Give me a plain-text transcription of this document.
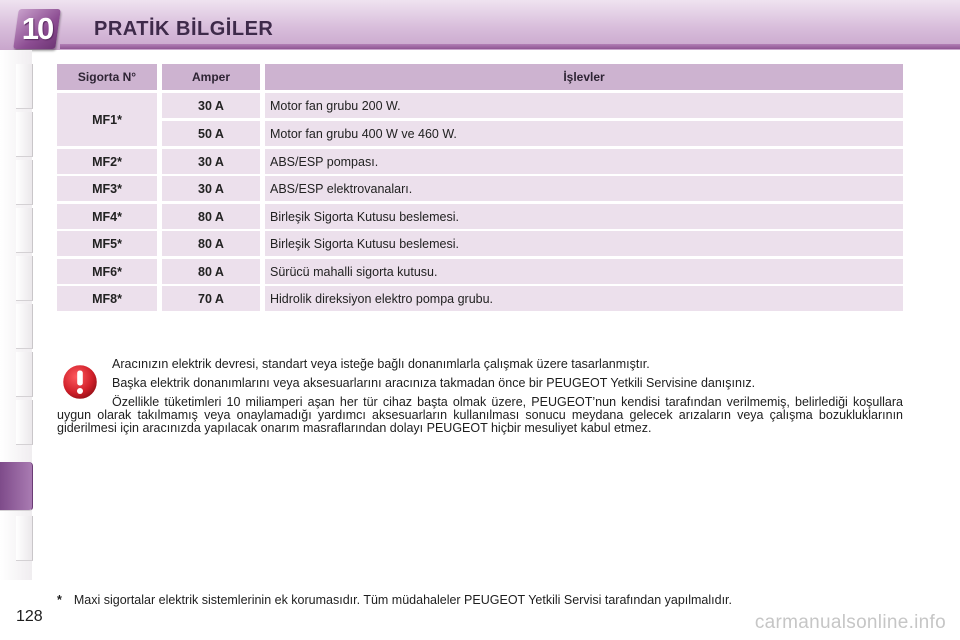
10 PRATİK BİLGİLER
Sigorta N°	Amper	İşlevler
MF1*
30 A	Motor fan grubu 200 W.
50 A	Motor fan grubu 400 W ve 460 W.
MF2*	30 A	ABS/ESP pompası.
MF3*	30 A	ABS/ESP elektrovanaları.
MF4*	80 A	Birleşik Sigorta Kutusu beslemesi.
MF5*	80 A	Birleşik Sigorta Kutusu beslemesi.
MF6*	80 A	Sürücü mahalli sigorta kutusu.
MF8*	70 A	Hidrolik direksiyon elektro pompa grubu.

Aracınızın elektrik devresi, standart veya isteğe bağlı donanımlarla çalışmak üzere tasarlanmıştır.

Başka elektrik donanımlarını veya aksesuarlarını aracınıza takmadan önce bir PEUGEOT Yetkili Servisine danışınız.

Özellikle tüketimleri 10 miliamperi aşan her tür cihaz başta olmak üzere, PEUGEOT’nun kendisi tarafından verilmemiş, belirlediği koşullara uygun olarak takılmamış veya onaylamadığı yardımcı aksesuarların kullanılması sonucu meydana gelecek arızaların veya çalışma bozukluklarının giderilmesi için aracınızda yapılacak onarım masraflarından dolayı PEUGEOT hiçbir mesuliyet kabul etmez.

* Maxi sigortalar elektrik sistemlerinin ek korumasıdır. Tüm müdahaleler PEUGEOT Yetkili Servisi tarafından yapılmalıdır.
128	carmanualsonline.info
